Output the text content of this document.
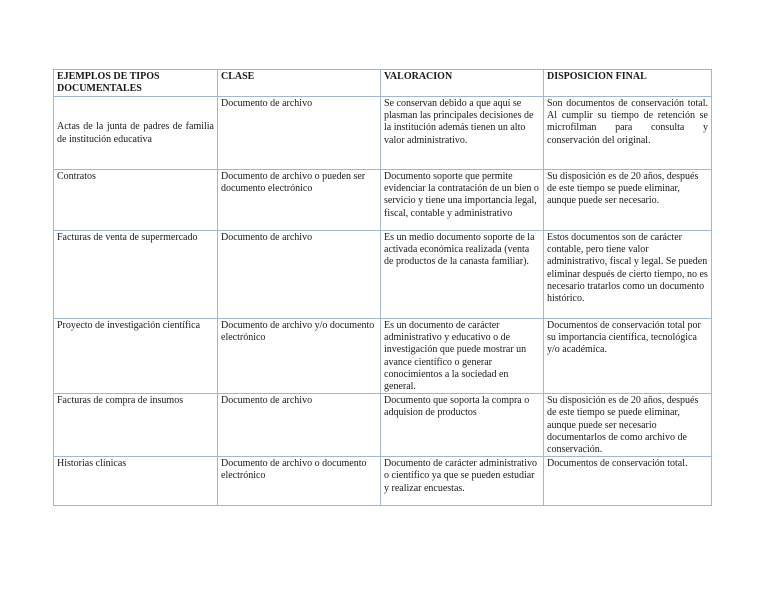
EJEMPLOS DE TIPOS DOCUMENTALES	CLASE	VALORACION	DISPOSICION FINAL
Actas de la junta de padres de familia de institución educativa	Documento de archivo	Se conservan debido a que aquí se plasman las principales decisiones de la institución además tienen un alto valor administrativo.	Son documentos de conservación total. Al cumplir su tiempo de retención se microfilman para consulta y conservación del original.
Contratos	Documento de archivo o pueden ser documento electrónico	Documento soporte que permite evidenciar la contratación de un bien o servicio y tiene una importancia legal, fiscal, contable y administrativo	Su disposición es de 20 años, después de este tiempo se puede eliminar, aunque puede ser necesario.
Facturas de venta de supermercado	Documento de archivo	Es un medio documento soporte de la activada económica realizada (venta de productos de la canasta familiar).	Estos documentos son de carácter contable, pero tiene valor administrativo, fiscal y legal. Se pueden eliminar después de cierto tiempo, no es necesario tratarlos como un documento histórico.
Proyecto de investigación científica	Documento de archivo y/o documento electrónico	Es un documento de carácter administrativo y educativo o de investigación que puede mostrar un avance científico o generar conocimientos a la sociedad en general.	Documentos de conservación total por su importancia científica, tecnológica y/o académica.
Facturas de compra de insumos	Documento de archivo	Documento que soporta la compra o adquision de productos	Su disposición es de 20 años, después de este tiempo se puede eliminar, aunque puede ser necesario documentarlos de como archivo de conservación.
Historias clínicas	Documento de archivo o documento electrónico	Documento de carácter administrativo o científico ya que se pueden estudiar y realizar encuestas.	Documentos de conservación total.
